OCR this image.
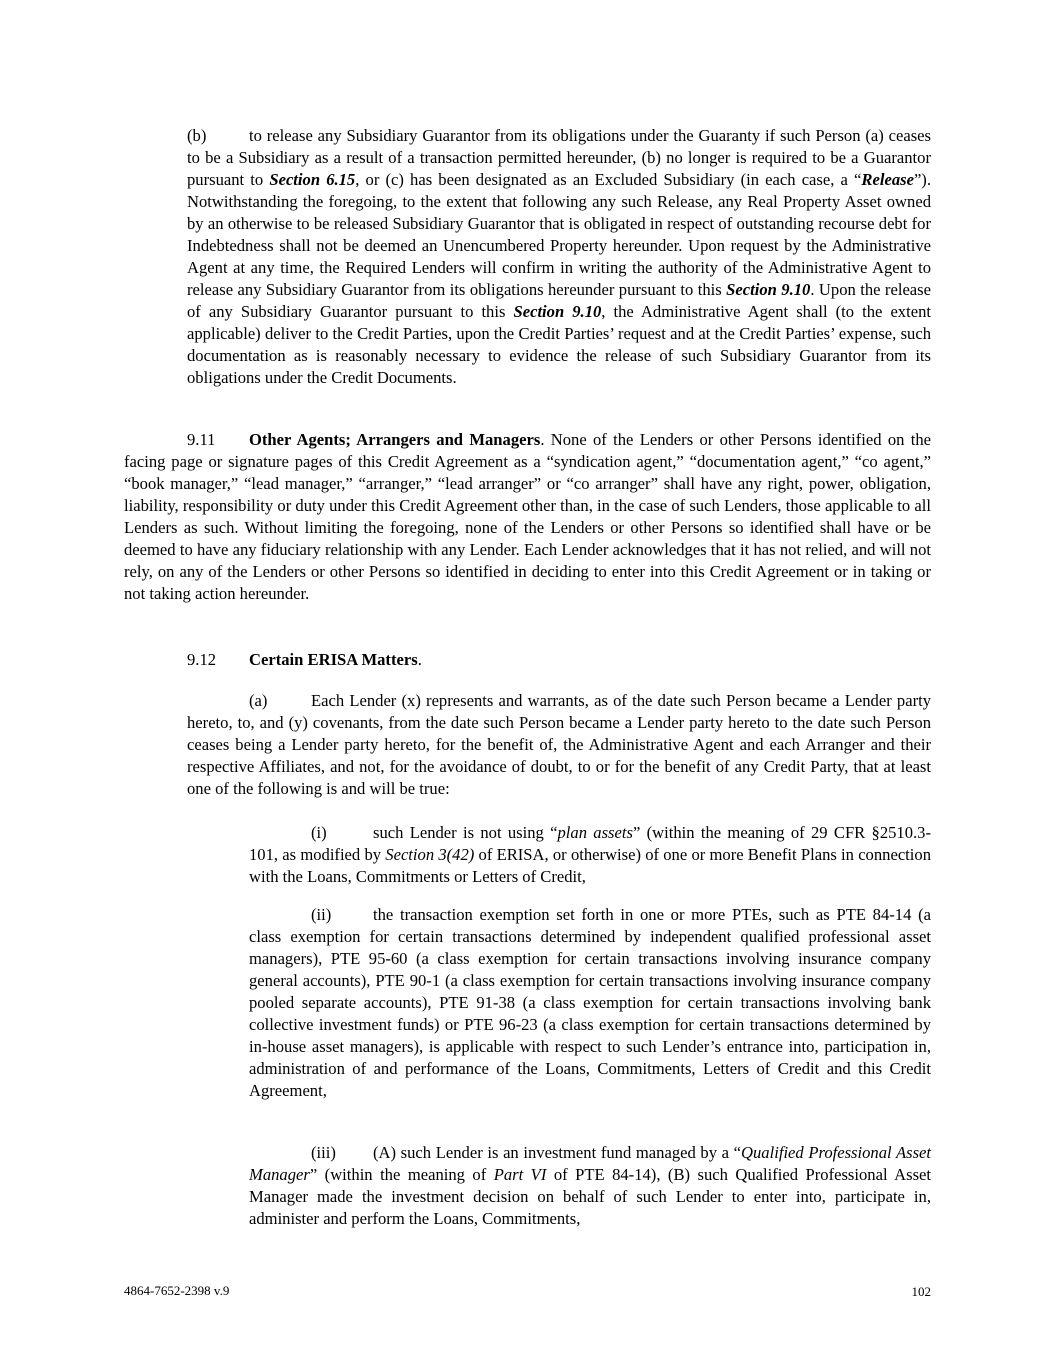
(b)	to release any Subsidiary Guarantor from its obligations under the Guaranty if such Person (a) ceases to be a Subsidiary as a result of a transaction permitted hereunder, (b) no longer is required to be a Guarantor pursuant to Section 6.15, or (c) has been designated as an Excluded Subsidiary (in each case, a “Release”). Notwithstanding the foregoing, to the extent that following any such Release, any Real Property Asset owned by an otherwise to be released Subsidiary Guarantor that is obligated in respect of outstanding recourse debt for Indebtedness shall not be deemed an Unencumbered Property hereunder. Upon request by the Administrative Agent at any time, the Required Lenders will confirm in writing the authority of the Administrative Agent to release any Subsidiary Guarantor from its obligations hereunder pursuant to this Section 9.10. Upon the release of any Subsidiary Guarantor pursuant to this Section 9.10, the Administrative Agent shall (to the extent applicable) deliver to the Credit Parties, upon the Credit Parties’ request and at the Credit Parties’ expense, such documentation as is reasonably necessary to evidence the release of such Subsidiary Guarantor from its obligations under the Credit Documents.

9.11 Other Agents; Arrangers and Managers. None of the Lenders or other Persons identified on the facing page or signature pages of this Credit Agreement as a “syndication agent,” “documentation agent,” “co agent,” “book manager,” “lead manager,” “arranger,” “lead arranger” or “co arranger” shall have any right, power, obligation, liability, responsibility or duty under this Credit Agreement other than, in the case of such Lenders, those applicable to all Lenders as such. Without limiting the foregoing, none of the Lenders or other Persons so identified shall have or be deemed to have any fiduciary relationship with any Lender. Each Lender acknowledges that it has not relied, and will not rely, on any of the Lenders or other Persons so identified in deciding to enter into this Credit Agreement or in taking or not taking action hereunder.

9.12 Certain ERISA Matters.

(a)	Each Lender (x) represents and warrants, as of the date such Person became a Lender party hereto, to, and (y) covenants, from the date such Person became a Lender party hereto to the date such Person ceases being a Lender party hereto, for the benefit of, the Administrative Agent and each Arranger and their respective Affiliates, and not, for the avoidance of doubt, to or for the benefit of any Credit Party, that at least one of the following is and will be true:

(i)	such Lender is not using “plan assets” (within the meaning of 29 CFR §2510.3-101, as modified by Section 3(42) of ERISA, or otherwise) of one or more Benefit Plans in connection with the Loans, Commitments or Letters of Credit,

(ii)	the transaction exemption set forth in one or more PTEs, such as PTE 84-14 (a class exemption for certain transactions determined by independent qualified professional asset managers), PTE 95-60 (a class exemption for certain transactions involving insurance company general accounts), PTE 90-1 (a class exemption for certain transactions involving insurance company pooled separate accounts), PTE 91-38 (a class exemption for certain transactions involving bank collective investment funds) or PTE 96-23 (a class exemption for certain transactions determined by in-house asset managers), is applicable with respect to such Lender’s entrance into, participation in, administration of and performance of the Loans, Commitments, Letters of Credit and this Credit Agreement,

(iii) (A) such Lender is an investment fund managed by a “Qualified Professional Asset Manager” (within the meaning of Part VI of PTE 84-14), (B) such Qualified Professional Asset Manager made the investment decision on behalf of such Lender to enter into, participate in, administer and perform the Loans, Commitments,

4864-7652-2398 v.9	102
